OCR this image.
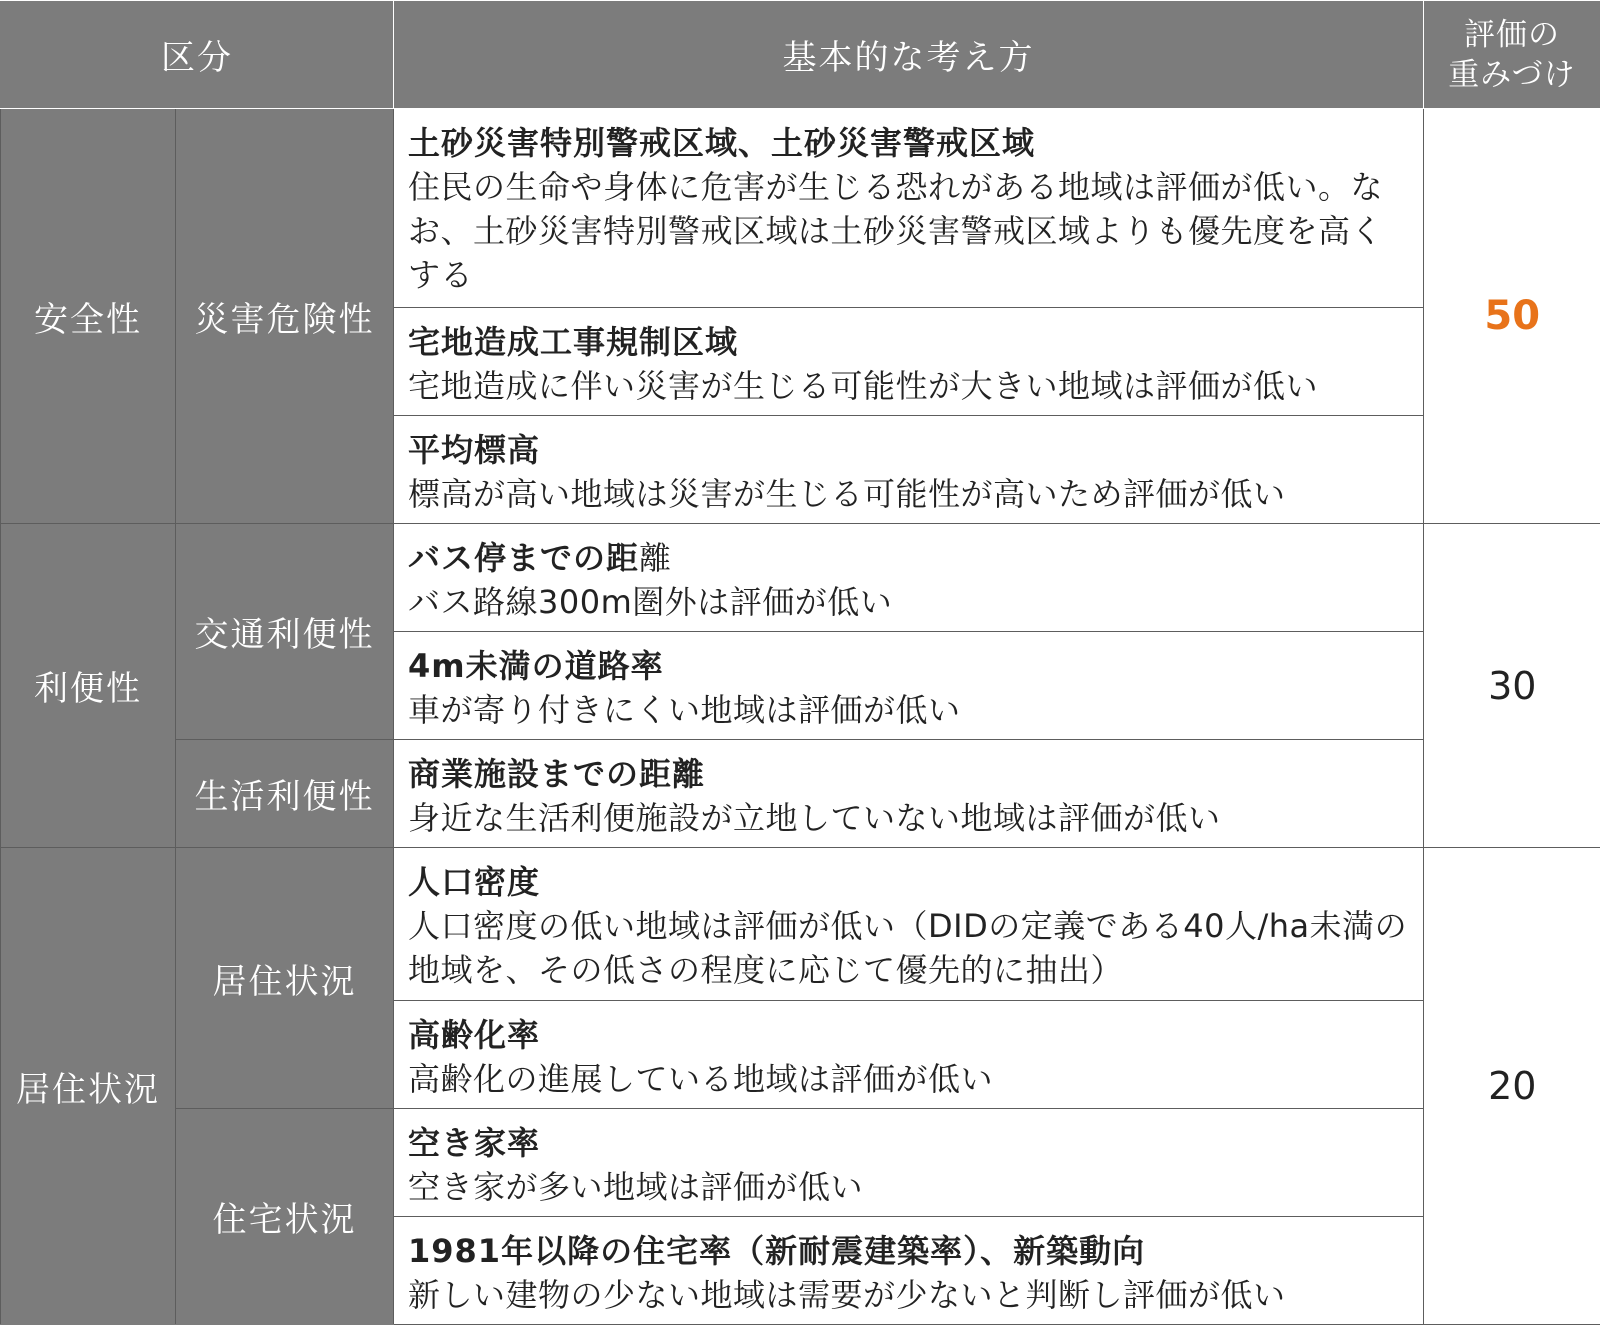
区分		基本的な考え方	評価の
重みづけ

安全性	災害危険性	土砂災害特別警戒区域、土砂災害警戒区域
住民の生命や身体に危害が生じる恐れがある地域は評価が低い。なお、土砂災害特別警戒区域は土砂災害警戒区域よりも優先度を高くする	50

		宅地造成工事規制区域
宅地造成に伴い災害が生じる可能性が大きい地域は評価が低い	

		平均標高
標高が高い地域は災害が生じる可能性が高いため評価が低い	

利便性	交通利便性	バス停までの距離
バス路線300m圏外は評価が低い	30

		4m未満の道路率
車が寄り付きにくい地域は評価が低い	

	生活利便性	商業施設までの距離
身近な生活利便施設が立地していない地域は評価が低い	

居住状況	居住状況	人口密度
人口密度の低い地域は評価が低い（DIDの定義である40人/ha未満の地域を、その低さの程度に応じて優先的に抽出）	20

		高齢化率
高齢化の進展している地域は評価が低い	

	住宅状況	空き家率
空き家が多い地域は評価が低い	

		1981年以降の住宅率（新耐震建築率）、新築動向
新しい建物の少ない地域は需要が少ないと判断し評価が低い	
